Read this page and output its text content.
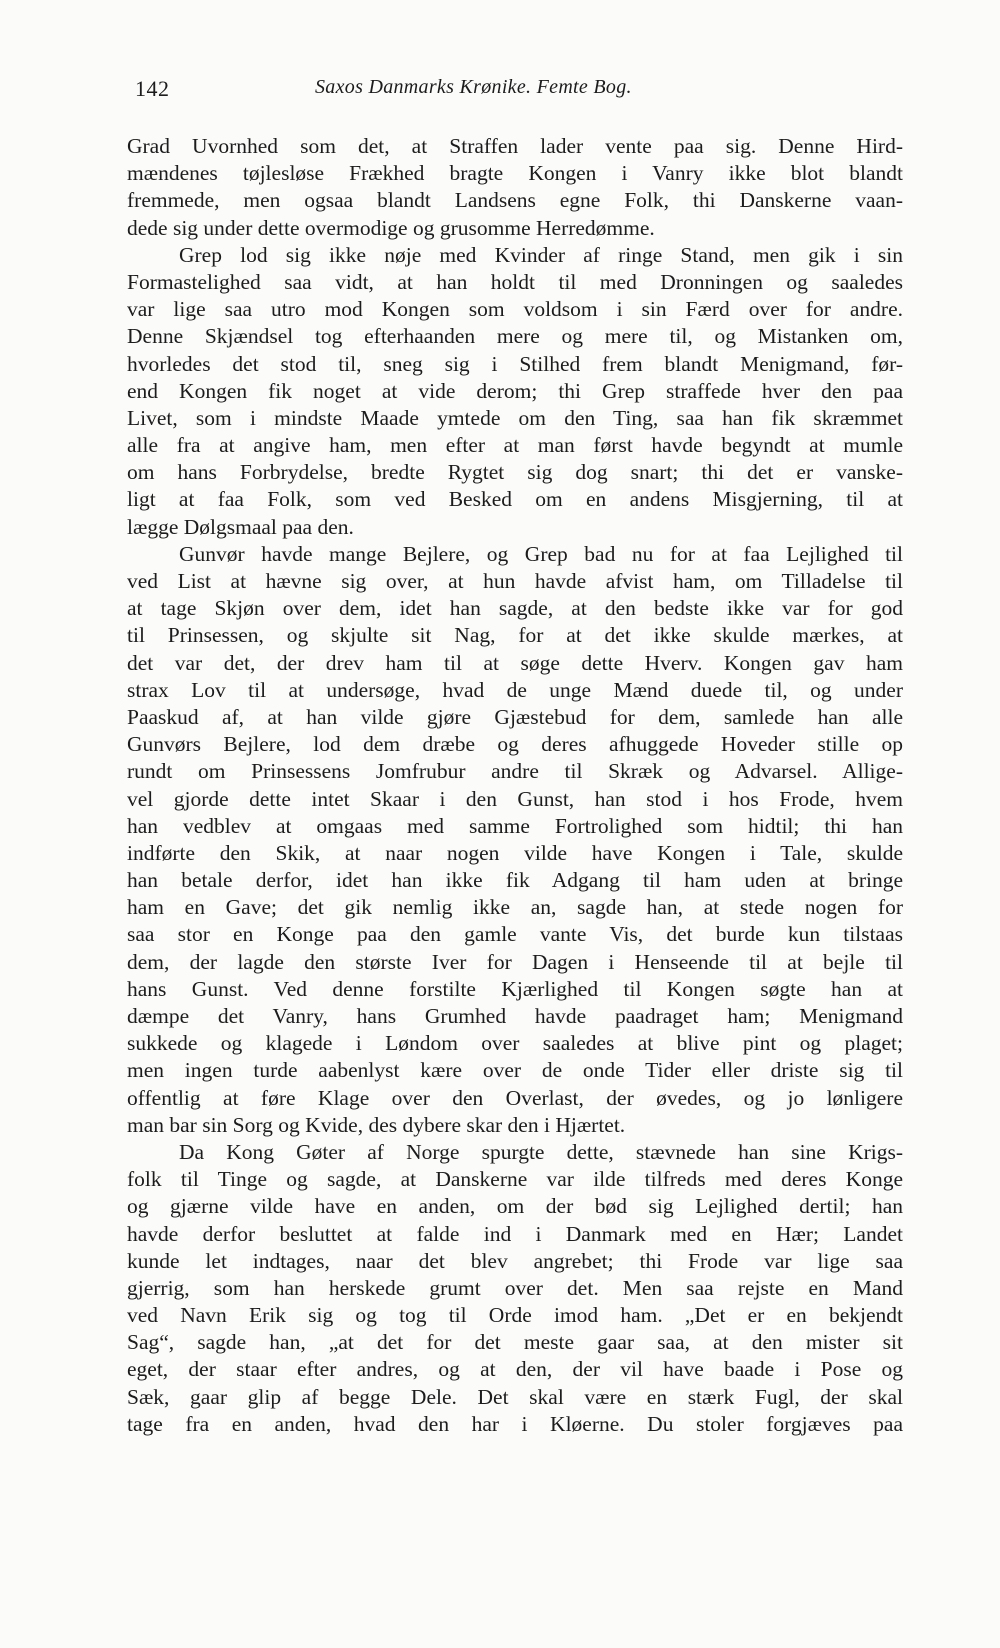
142	Saxos Danmarks Krønike. Femte Bog.
Grad Uvornhed som det, at Straffen lader vente paa sig. Denne Hird-
mændenes tøjlesløse Frækhed bragte Kongen i Vanry ikke blot blandt
fremmede, men ogsaa blandt Landsens egne Folk, thi Danskerne vaan-
dede sig under dette overmodige og grusomme Herredømme.
Grep lod sig ikke nøje med Kvinder af ringe Stand, men gik i sin
Formastelighed saa vidt, at han holdt til med Dronningen og saaledes
var lige saa utro mod Kongen som voldsom i sin Færd over for andre.
Denne Skjændsel tog efterhaanden mere og mere til, og Mistanken om,
hvorledes det stod til, sneg sig i Stilhed frem blandt Menigmand, før-
end Kongen fik noget at vide derom; thi Grep straffede hver den paa
Livet, som i mindste Maade ymtede om den Ting, saa han fik skræmmet
alle fra at angive ham, men efter at man først havde begyndt at mumle
om hans Forbrydelse, bredte Rygtet sig dog snart; thi det er vanske-
ligt at faa Folk, som ved Besked om en andens Misgjerning, til at
lægge Dølgsmaal paa den.
Gunvør havde mange Bejlere, og Grep bad nu for at faa Lejlighed til
ved List at hævne sig over, at hun havde afvist ham, om Tilladelse til
at tage Skjøn over dem, idet han sagde, at den bedste ikke var for god
til Prinsessen, og skjulte sit Nag, for at det ikke skulde mærkes, at
det var det, der drev ham til at søge dette Hverv. Kongen gav ham
strax Lov til at undersøge, hvad de unge Mænd duede til, og under
Paaskud af, at han vilde gjøre Gjæstebud for dem, samlede han alle
Gunvørs Bejlere, lod dem dræbe og deres afhuggede Hoveder stille op
rundt om Prinsessens Jomfrubur andre til Skræk og Advarsel. Allige-
vel gjorde dette intet Skaar i den Gunst, han stod i hos Frode, hvem
han vedblev at omgaas med samme Fortrolighed som hidtil; thi han
indførte den Skik, at naar nogen vilde have Kongen i Tale, skulde
han betale derfor, idet han ikke fik Adgang til ham uden at bringe
ham en Gave; det gik nemlig ikke an, sagde han, at stede nogen for
saa stor en Konge paa den gamle vante Vis, det burde kun tilstaas
dem, der lagde den største Iver for Dagen i Henseende til at bejle til
hans Gunst. Ved denne forstilte Kjærlighed til Kongen søgte han at
dæmpe det Vanry, hans Grumhed havde paadraget ham; Menigmand
sukkede og klagede i Løndom over saaledes at blive pint og plaget;
men ingen turde aabenlyst kære over de onde Tider eller driste sig til
offentlig at føre Klage over den Overlast, der øvedes, og jo lønligere
man bar sin Sorg og Kvide, des dybere skar den i Hjærtet.
Da Kong Gøter af Norge spurgte dette, stævnede han sine Krigs-
folk til Tinge og sagde, at Danskerne var ilde tilfreds med deres Konge
og gjærne vilde have en anden, om der bød sig Lejlighed dertil; han
havde derfor besluttet at falde ind i Danmark med en Hær; Landet
kunde let indtages, naar det blev angrebet; thi Frode var lige saa
gjerrig, som han herskede grumt over det. Men saa rejste en Mand
ved Navn Erik sig og tog til Orde imod ham. „Det er en bekjendt
Sag“, sagde han, „at det for det meste gaar saa, at den mister sit
eget, der staar efter andres, og at den, der vil have baade i Pose og
Sæk, gaar glip af begge Dele. Det skal være en stærk Fugl, der skal
tage fra en anden, hvad den har i Kløerne. Du stoler forgjæves paa
